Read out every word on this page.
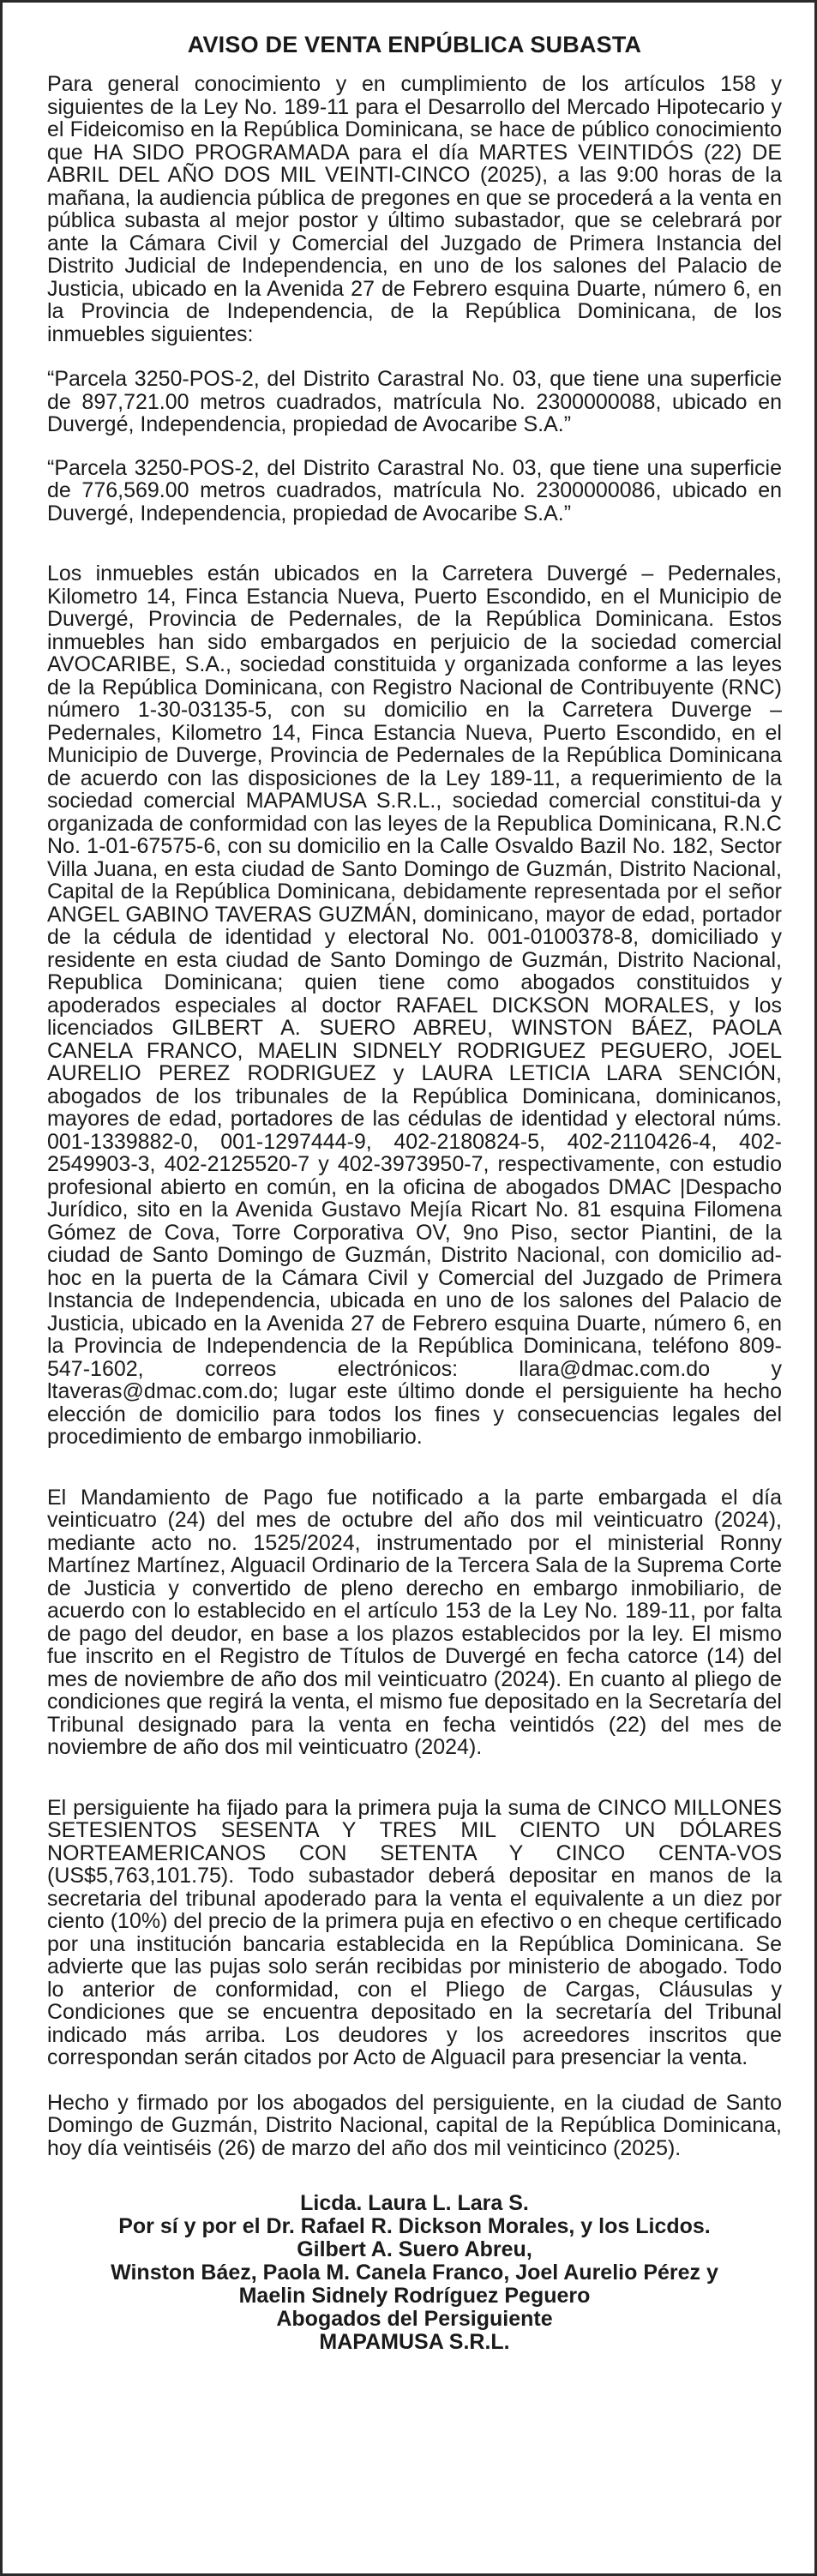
AVISO DE VENTA ENPÚBLICA SUBASTA

Para general conocimiento y en cumplimiento de los artículos 158 y siguientes de la Ley No. 189-11 para el Desarrollo del Mercado Hipotecario y el Fideicomiso en la República Dominicana, se hace de público conocimiento que HA SIDO PROGRAMADA para el día MARTES VEINTIDÓS (22) DE ABRIL DEL AÑO DOS MIL VEINTI-CINCO (2025), a las 9:00 horas de la mañana, la audiencia pública de pregones en que se procederá a la venta en pública subasta al mejor postor y último subastador, que se celebrará por ante la Cámara Civil y Comercial del Juzgado de Primera Instancia del Distrito Judicial de Independencia, en uno de los salones del Palacio de Justicia, ubicado en la Avenida 27 de Febrero esquina Duarte, número 6, en la Provincia de Independencia, de la República Dominicana, de los inmuebles siguientes:

“Parcela 3250-POS-2, del Distrito Carastral No. 03, que tiene una superficie de 897,721.00 metros cuadrados, matrícula No. 2300000088, ubicado en Duvergé, Independencia, propiedad de Avocaribe S.A.”

“Parcela 3250-POS-2, del Distrito Carastral No. 03, que tiene una superficie de 776,569.00 metros cuadrados, matrícula No. 2300000086, ubicado en Duvergé, Independencia, propiedad de Avocaribe S.A.”

Los inmuebles están ubicados en la Carretera Duvergé – Pedernales, Kilometro 14, Finca Estancia Nueva, Puerto Escondido, en el Municipio de Duvergé, Provincia de Pedernales, de la República Dominicana. Estos inmuebles han sido embargados en perjuicio de la sociedad comercial AVOCARIBE, S.A., sociedad constituida y organizada conforme a las leyes de la República Dominicana, con Registro Nacional de Contribuyente (RNC) número 1-30-03135-5, con su domicilio en la Carretera Duverge – Pedernales, Kilometro 14, Finca Estancia Nueva, Puerto Escondido, en el Municipio de Duverge, Provincia de Pedernales de la República Dominicana de acuerdo con las disposiciones de la Ley 189-11, a requerimiento de la sociedad comercial MAPAMUSA S.R.L., sociedad comercial constitui-da y organizada de conformidad con las leyes de la Republica Dominicana, R.N.C No. 1-01-67575-6, con su domicilio en la Calle Osvaldo Bazil No. 182, Sector Villa Juana, en esta ciudad de Santo Domingo de Guzmán, Distrito Nacional, Capital de la República Dominicana, debidamente representada por el señor ANGEL GABINO TAVERAS GUZMÁN, dominicano, mayor de edad, portador de la cédula de identidad y electoral No. 001-0100378-8, domiciliado y residente en esta ciudad de Santo Domingo de Guzmán, Distrito Nacional, Republica Dominicana; quien tiene como abogados constituidos y apoderados especiales al doctor RAFAEL DICKSON MORALES, y los licenciados GILBERT A. SUERO ABREU, WINSTON BÁEZ, PAOLA CANELA FRANCO, MAELIN SIDNELY RODRIGUEZ PEGUERO, JOEL AURELIO PEREZ RODRIGUEZ y LAURA LETICIA LARA SENCIÓN, abogados de los tribunales de la República Dominicana, dominicanos, mayores de edad, portadores de las cédulas de identidad y electoral núms. 001-1339882-0, 001-1297444-9, 402-2180824-5, 402-2110426-4, 402-2549903-3, 402-2125520-7 y 402-3973950-7, respectivamente, con estudio profesional abierto en común, en la oficina de abogados DMAC |Despacho Jurídico, sito en la Avenida Gustavo Mejía Ricart No. 81 esquina Filomena Gómez de Cova, Torre Corporativa OV, 9no Piso, sector Piantini, de la ciudad de Santo Domingo de Guzmán, Distrito Nacional, con domicilio ad-hoc en la puerta de la Cámara Civil y Comercial del Juzgado de Primera Instancia de Independencia, ubicada en uno de los salones del Palacio de Justicia, ubicado en la Avenida 27 de Febrero esquina Duarte, número 6, en la Provincia de Independencia de la República Dominicana, teléfono 809-547-1602, correos electrónicos: llara@dmac.com.do y ltaveras@dmac.com.do; lugar este último donde el persiguiente ha hecho elección de domicilio para todos los fines y consecuencias legales del procedimiento de embargo inmobiliario.

El Mandamiento de Pago fue notificado a la parte embargada el día veinticuatro (24) del mes de octubre del año dos mil veinticuatro (2024), mediante acto no. 1525/2024, instrumentado por el ministerial Ronny Martínez Martínez, Alguacil Ordinario de la Tercera Sala de la Suprema Corte de Justicia y convertido de pleno derecho en embargo inmobiliario, de acuerdo con lo establecido en el artículo 153 de la Ley No. 189-11, por falta de pago del deudor, en base a los plazos establecidos por la ley. El mismo fue inscrito en el Registro de Títulos de Duvergé en fecha catorce (14) del mes de noviembre de año dos mil veinticuatro (2024). En cuanto al pliego de condiciones que regirá la venta, el mismo fue depositado en la Secretaría del Tribunal designado para la venta en fecha veintidós (22) del mes de noviembre de año dos mil veinticuatro (2024).

El persiguiente ha fijado para la primera puja la suma de CINCO MILLONES SETESIENTOS SESENTA Y TRES MIL CIENTO UN DÓLARES NORTEAMERICANOS CON SETENTA Y CINCO CENTA-VOS (US$5,763,101.75). Todo subastador deberá depositar en manos de la secretaria del tribunal apoderado para la venta el equivalente a un diez por ciento (10%) del precio de la primera puja en efectivo o en cheque certificado por una institución bancaria establecida en la República Dominicana. Se advierte que las pujas solo serán recibidas por ministerio de abogado. Todo lo anterior de conformidad, con el Pliego de Cargas, Cláusulas y Condiciones que se encuentra depositado en la secretaría del Tribunal indicado más arriba. Los deudores y los acreedores inscritos que correspondan serán citados por Acto de Alguacil para presenciar la venta.

Hecho y firmado por los abogados del persiguiente, en la ciudad de Santo Domingo de Guzmán, Distrito Nacional, capital de la República Dominicana, hoy día veintiséis (26) de marzo del año dos mil veinticinco (2025).

Licda. Laura L. Lara S.
Por sí y por el Dr. Rafael R. Dickson Morales, y los Licdos.
Gilbert A. Suero Abreu,
Winston Báez, Paola M. Canela Franco, Joel Aurelio Pérez y
Maelin Sidnely Rodríguez Peguero
Abogados del Persiguiente
MAPAMUSA S.R.L.
